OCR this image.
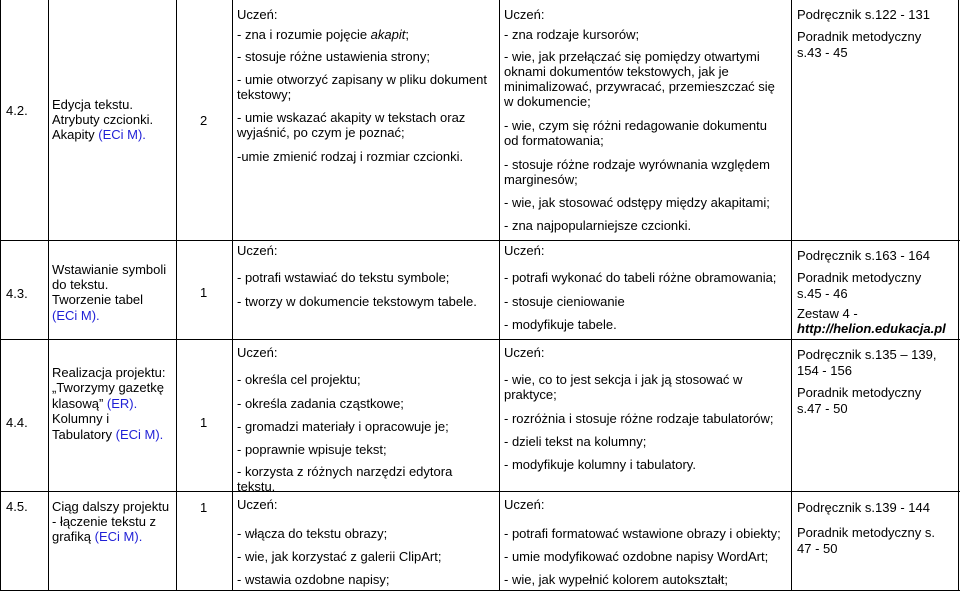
4.2. Edycja tekstu.
Atrybuty czcionki.
Akapity (ECi M).
2
Uczeń:
- zna i rozumie pojęcie akapit;
- stosuje różne ustawienia strony;
- umie otworzyć zapisany w pliku dokument
tekstowy;
- umie wskazać akapity w tekstach oraz
wyjaśnić, po czym je poznać;
-umie zmienić rodzaj i rozmiar czcionki.
Uczeń:
- zna rodzaje kursorów;
- wie, jak przełączać się pomiędzy otwartymi
oknami dokumentów tekstowych, jak je
minimalizować, przywracać, przemieszczać się
w dokumencie;
- wie, czym się różni redagowanie dokumentu
od formatowania;
- stosuje różne rodzaje wyrównania względem
marginesów;
- wie, jak stosować odstępy między akapitami;
- zna najpopularniejsze czcionki.
Podręcznik s.122 - 131
Poradnik metodyczny
s.43 - 45
4.3.
Wstawianie symboli
do tekstu.
Tworzenie tabel
(ECi M).
1
Uczeń:
- potrafi wstawiać do tekstu symbole;
- tworzy w dokumencie tekstowym tabele.
Uczeń:
- potrafi wykonać do tabeli różne obramowania;
- stosuje cieniowanie
- modyfikuje tabele.
Podręcznik s.163 - 164
Poradnik metodyczny
s.45 - 46
Zestaw 4 -
http://helion.edukacja.pl
4.4.
Realizacja projektu:
„Tworzymy gazetkę
klasową” (ER).
Kolumny i
Tabulatory (ECi M).
1
Uczeń:
- określa cel projektu;
- określa zadania cząstkowe;
- gromadzi materiały i opracowuje je;
- poprawnie wpisuje tekst;
- korzysta z różnych narzędzi edytora
tekstu.
Uczeń:
- wie, co to jest sekcja i jak ją stosować w
praktyce;
- rozróżnia i stosuje różne rodzaje tabulatorów;
- dzieli tekst na kolumny;
- modyfikuje kolumny i tabulatory.
Podręcznik s.135 – 139,
154 - 156
Poradnik metodyczny
s.47 - 50
4.5. Ciąg dalszy projektu
- łączenie tekstu z
grafiką (ECi M).
1 Uczeń:
- włącza do tekstu obrazy;
- wie, jak korzystać z galerii ClipArt;
- wstawia ozdobne napisy;
Uczeń:
- potrafi formatować wstawione obrazy i obiekty;
- umie modyfikować ozdobne napisy WordArt;
- wie, jak wypełnić kolorem autokształt;
Podręcznik s.139 - 144
Poradnik metodyczny s.
47 - 50
